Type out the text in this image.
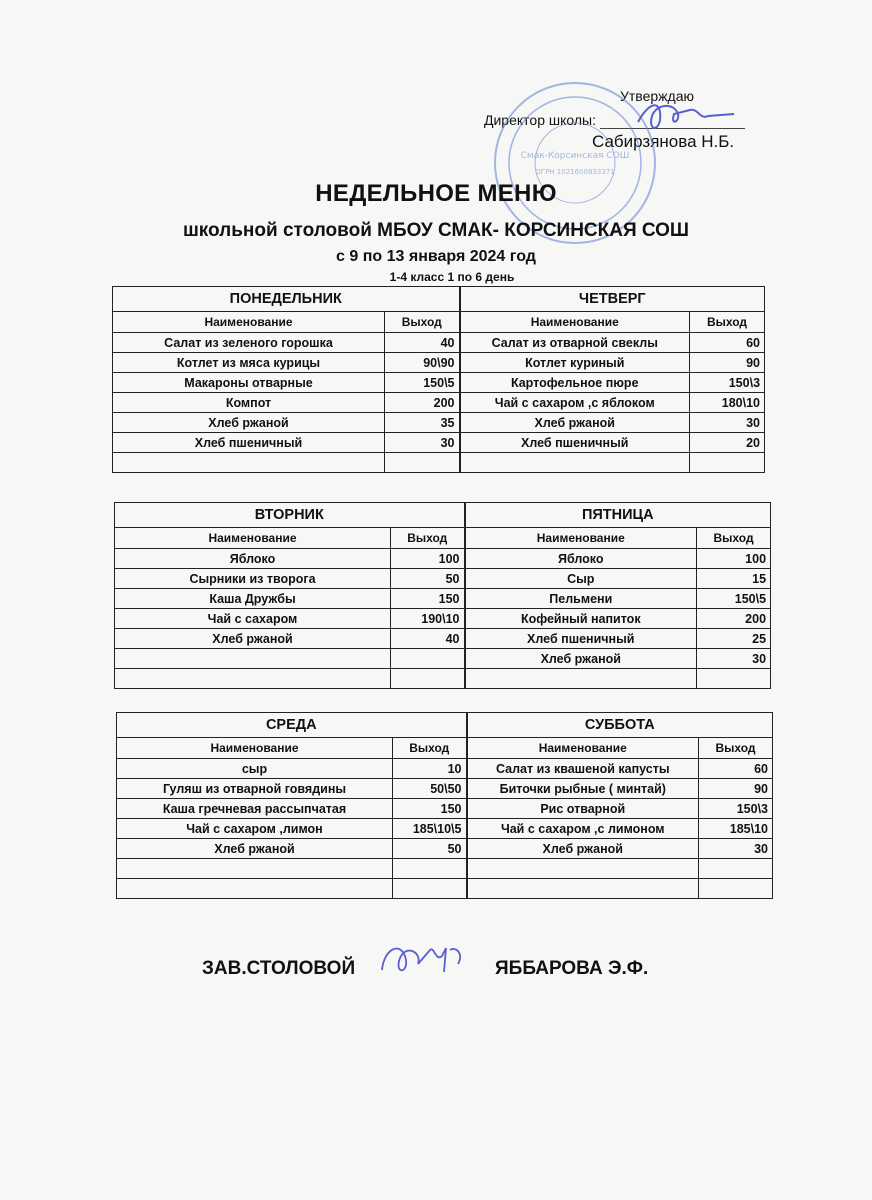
Утверждаю
Директор школы:
Сабирзянова Н.Б.
Смак-Корсинская СОШ
ОГРН 1021600833371
НЕДЕЛЬНОЕ МЕНЮ
школьной столовой МБОУ СМАК- КОРСИНСКАЯ СОШ
с 9 по 13 января 2024 год
1-4 класс 1 по 6 день
ПОНЕДЕЛЬНИК		ЧЕТВЕРГ	
Наименование	Выход	Наименование	Выход
Салат из зеленого горошка	40	Салат из отварной свеклы	60
Котлет из мяса курицы	90\90	Котлет куриный	90
Макароны отварные	150\5	Картофельное пюре	150\3
Компот	200	Чай с сахаром ,с яблоком	180\10
Хлеб ржаной	35	Хлеб ржаной	30
Хлеб пшеничный	30	Хлеб пшеничный	20

ВТОРНИК		ПЯТНИЦА	
Наименование	Выход	Наименование	Выход
Яблоко	100	Яблоко	100
Сырники из творога	50	Сыр	15
Каша Дружбы	150	Пельмени	150\5
Чай с сахаром	190\10	Кофейный напиток	200
Хлеб ржаной	40	Хлеб пшеничный	25
		Хлеб ржаной	30

СРЕДА		СУББОТА	
Наименование	Выход	Наименование	Выход
сыр	10	Салат из квашеной капусты	60
Гуляш из отварной говядины	50\50	Биточки рыбные ( минтай)	90
Каша гречневая рассыпчатая	150	Рис отварной	150\3
Чай с сахаром ,лимон	185\10\5	Чай с сахаром ,с лимоном	185\10
Хлеб ржаной	50	Хлеб ржаной	30

ЗАВ.СТОЛОВОЙ	ЯББАРОВА Э.Ф.
